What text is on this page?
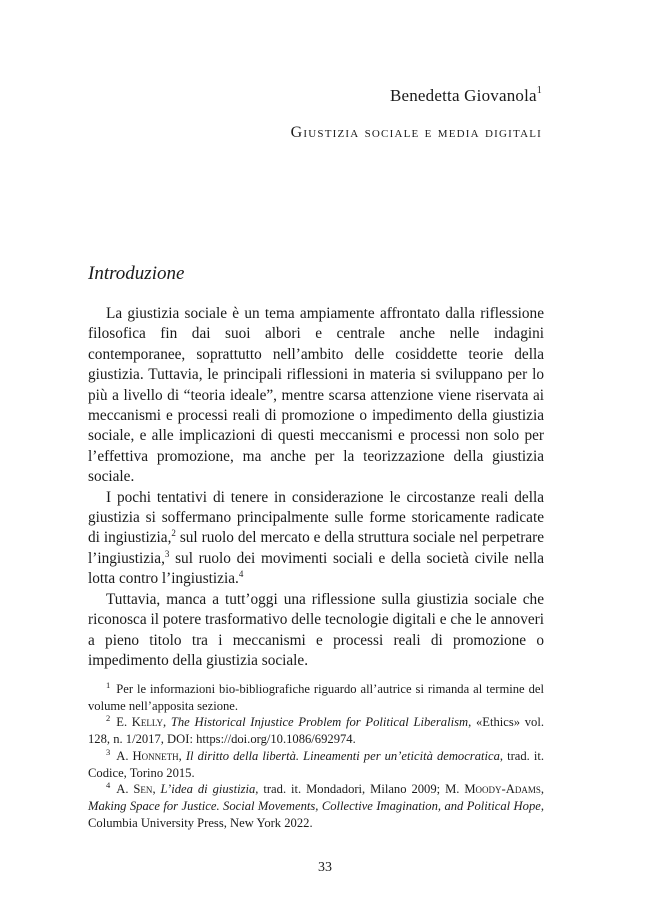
Benedetta Giovanola$^1$
Giustizia sociale e media digitali
Introduzione

La giustizia sociale è un tema ampiamente affrontato dalla riflessione filosofica fin dai suoi albori e centrale anche nelle indagini contemporanee, soprattutto nell’ambito delle cosiddette teorie della giustizia. Tuttavia, le principali riflessioni in materia si sviluppano per lo più a livello di “teoria ideale”, mentre scarsa attenzione viene riservata ai meccanismi e processi reali di promozione o impedimento della giustizia sociale, e alle implicazioni di questi meccanismi e processi non solo per l’effettiva promozione, ma anche per la teorizzazione della giustizia sociale.

I pochi tentativi di tenere in considerazione le circostanze reali della giustizia si soffermano principalmente sulle forme storicamente radicate di ingiustizia,$^2$ sul ruolo del mercato e della struttura sociale nel perpetrare l’ingiustizia,$^3$ sul ruolo dei movimenti sociali e della società civile nella lotta contro l’ingiustizia.$^4$

Tuttavia, manca a tutt’oggi una riflessione sulla giustizia sociale che riconosca il potere trasformativo delle tecnologie digitali e che le annoveri a pieno titolo tra i meccanismi e processi reali di promozione o impedimento della giustizia sociale.

$^1$ Per le informazioni bio-bibliografiche riguardo all’autrice si rimanda al termine del volume nell’apposita sezione.

$^2$ E. Kelly, The Historical Injustice Problem for Political Liberalism, «Ethics» vol. 128, n. 1/2017, DOI: https://doi.org/10.1086/692974.

$^3$ A. Honneth, Il diritto della libertà. Lineamenti per un’eticità democratica, trad. it. Codice, Torino 2015.

$^4$ A. Sen, L’idea di giustizia, trad. it. Mondadori, Milano 2009; M. Moody-Adams, Making Space for Justice. Social Movements, Collective Imagination, and Political Hope, Columbia University Press, New York 2022.

33
